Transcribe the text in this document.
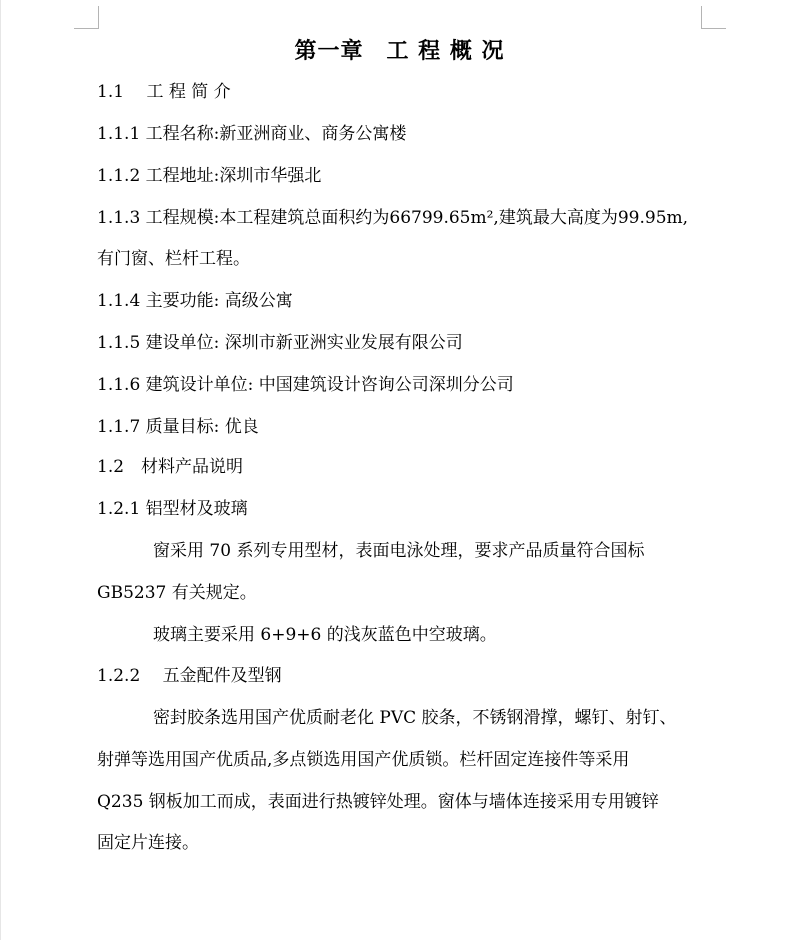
第一章　工 程 概 况
1.1　 工 程 简 介
1.1.1 工程名称:新亚洲商业、商务公寓楼
1.1.2 工程地址:深圳市华强北
1.1.3 工程规模:本工程建筑总面积约为66799.65m²,建筑最大高度为99.95m,
有门窗、栏杆工程。
1.1.4 主要功能: 高级公寓
1.1.5 建设单位: 深圳市新亚洲实业发展有限公司
1.1.6 建筑设计单位: 中国建筑设计咨询公司深圳分公司
1.1.7 质量目标: 优良
1.2　材料产品说明
1.2.1 铝型材及玻璃
窗采用 70 系列专用型材，表面电泳处理，要求产品质量符合国标
GB5237 有关规定。
玻璃主要采用 6+9+6 的浅灰蓝色中空玻璃。
1.2.2　 五金配件及型钢
密封胶条选用国产优质耐老化 PVC 胶条，不锈钢滑撑，螺钉、射钉、
射弹等选用国产优质品,多点锁选用国产优质锁。栏杆固定连接件等采用
Q235 钢板加工而成，表面进行热镀锌处理。窗体与墙体连接采用专用镀锌
固定片连接。
